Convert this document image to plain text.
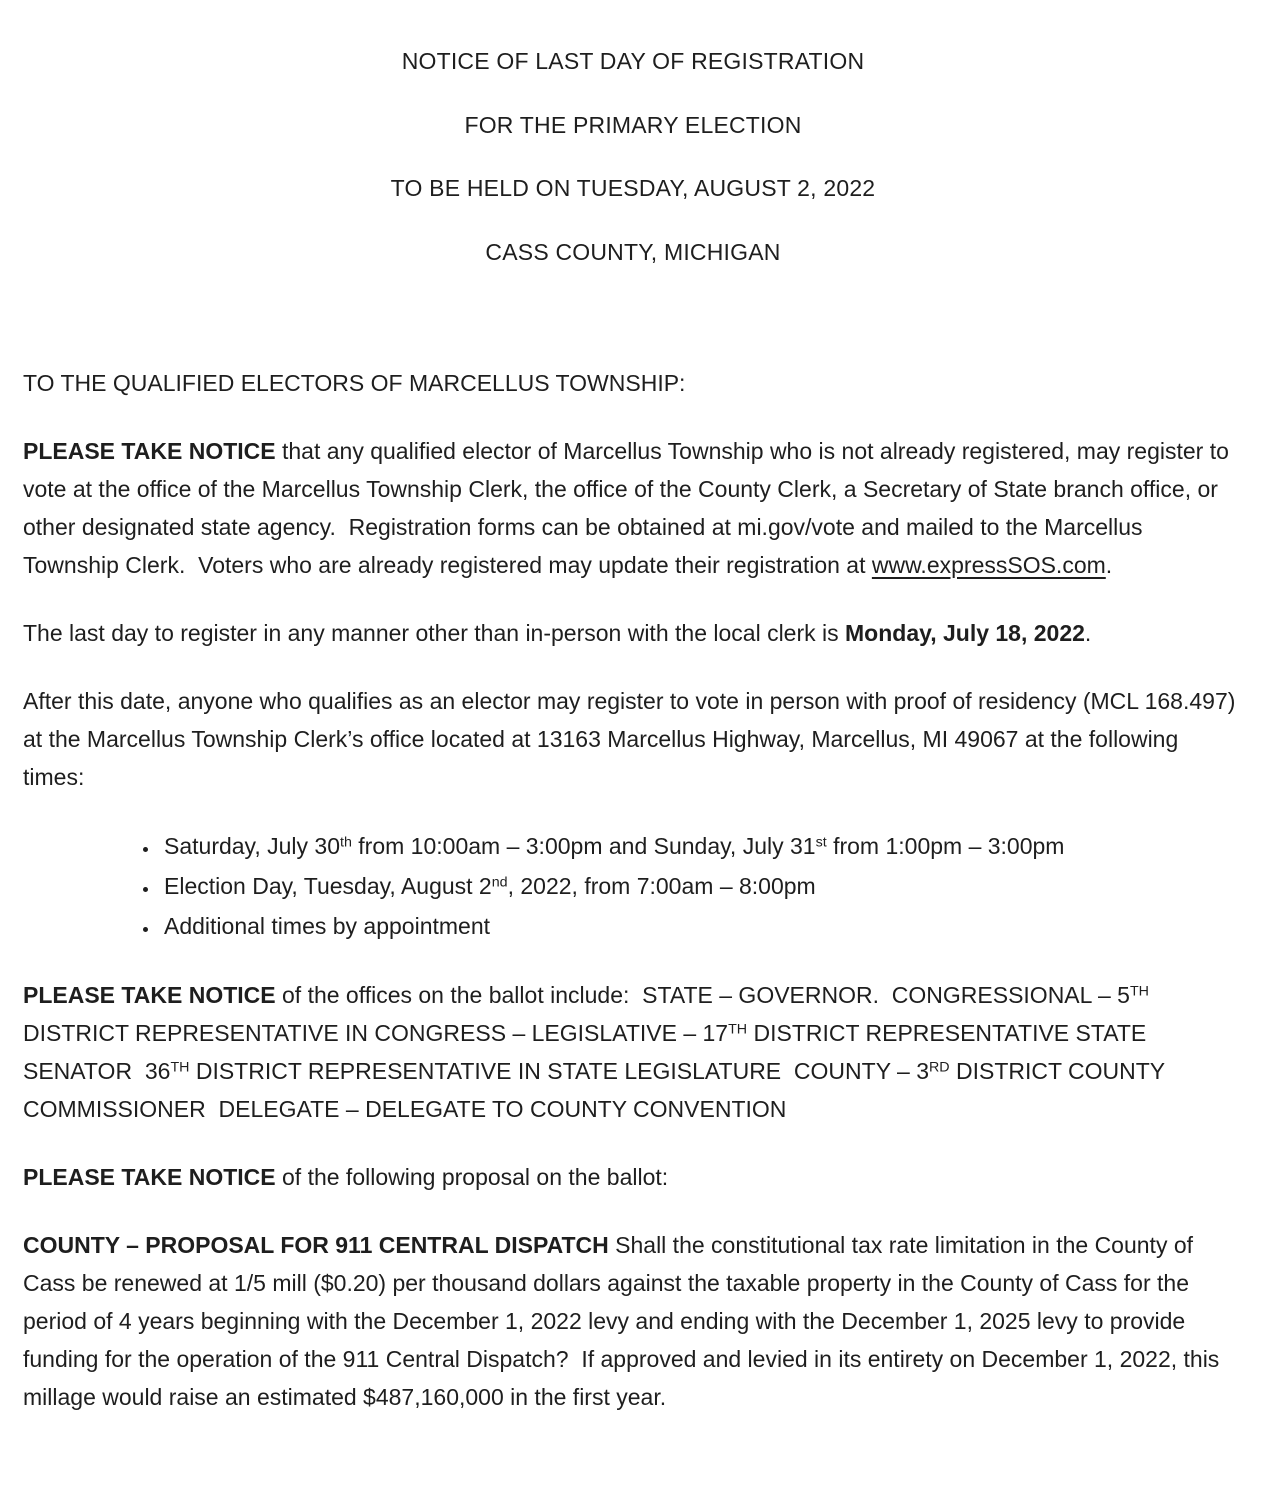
NOTICE OF LAST DAY OF REGISTRATION
FOR THE PRIMARY ELECTION
TO BE HELD ON TUESDAY, AUGUST 2, 2022
CASS COUNTY, MICHIGAN

TO THE QUALIFIED ELECTORS OF MARCELLUS TOWNSHIP:

PLEASE TAKE NOTICE that any qualified elector of Marcellus Township who is not already registered, may register to vote at the office of the Marcellus Township Clerk, the office of the County Clerk, a Secretary of State branch office, or other designated state agency.  Registration forms can be obtained at mi.gov/vote and mailed to the Marcellus Township Clerk.  Voters who are already registered may update their registration at www.expressSOS.com.

The last day to register in any manner other than in-person with the local clerk is Monday, July 18, 2022.

After this date, anyone who qualifies as an elector may register to vote in person with proof of residency (MCL 168.497) at the Marcellus Township Clerk’s office located at 13163 Marcellus Highway, Marcellus, MI 49067 at the following times:

• Saturday, July 30th from 10:00am – 3:00pm and Sunday, July 31st from 1:00pm – 3:00pm
• Election Day, Tuesday, August 2nd, 2022, from 7:00am – 8:00pm
• Additional times by appointment

PLEASE TAKE NOTICE of the offices on the ballot include:  STATE – GOVERNOR.  CONGRESSIONAL – 5TH DISTRICT REPRESENTATIVE IN CONGRESS – LEGISLATIVE – 17TH DISTRICT REPRESENTATIVE STATE SENATOR  36TH DISTRICT REPRESENTATIVE IN STATE LEGISLATURE  COUNTY – 3RD DISTRICT COUNTY COMMISSIONER  DELEGATE – DELEGATE TO COUNTY CONVENTION

PLEASE TAKE NOTICE of the following proposal on the ballot:

COUNTY – PROPOSAL FOR 911 CENTRAL DISPATCH Shall the constitutional tax rate limitation in the County of Cass be renewed at 1/5 mill ($0.20) per thousand dollars against the taxable property in the County of Cass for the period of 4 years beginning with the December 1, 2022 levy and ending with the December 1, 2025 levy to provide funding for the operation of the 911 Central Dispatch?  If approved and levied in its entirety on December 1, 2022, this millage would raise an estimated $487,160,000 in the first year.
